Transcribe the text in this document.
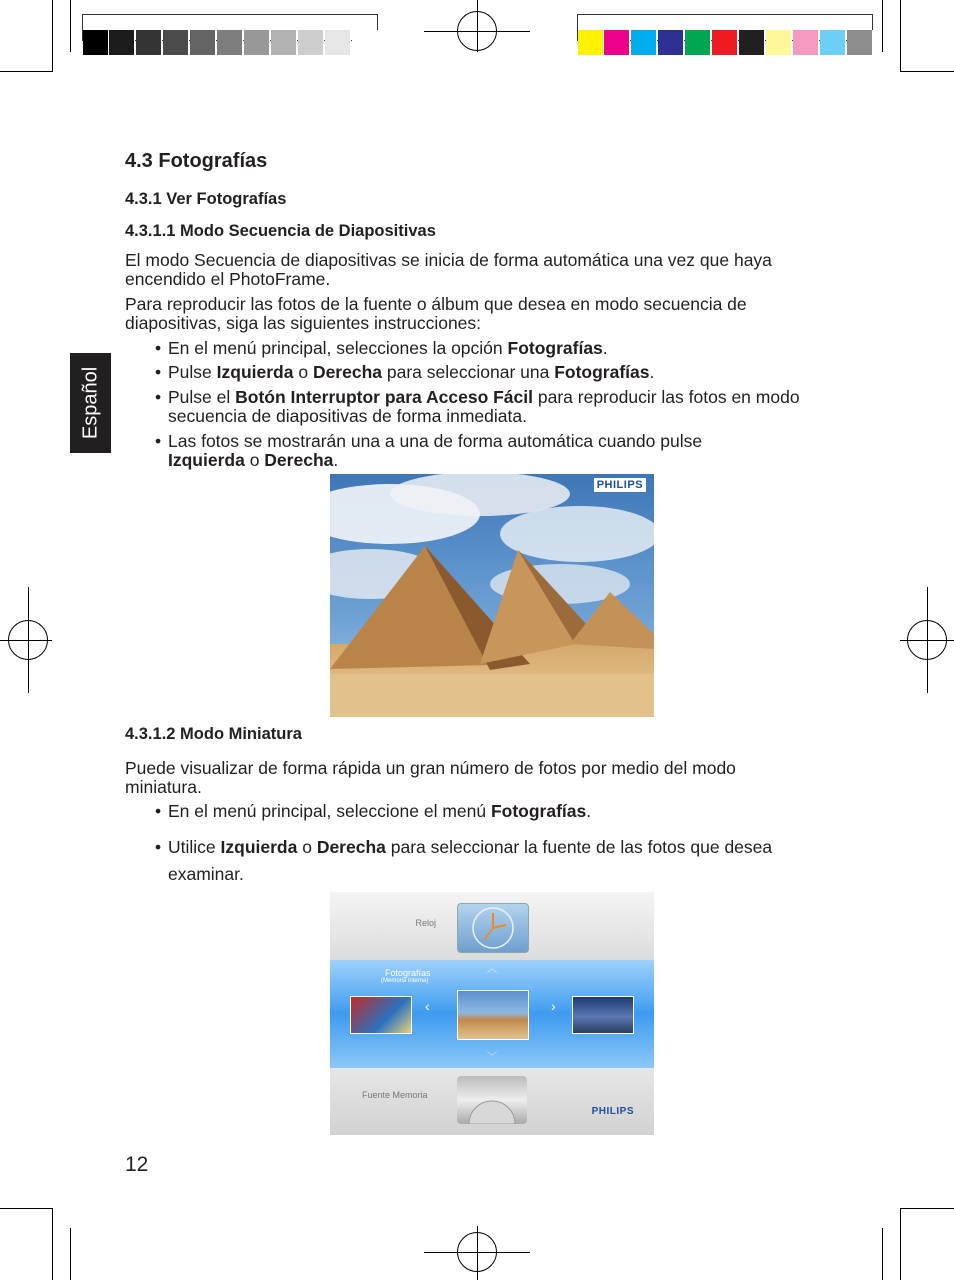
Español
4.3 Fotografías
4.3.1 Ver Fotografías
4.3.1.1 Modo Secuencia de Diapositivas

El modo Secuencia de diapositivas se inicia de forma automática una vez que haya encendido el PhotoFrame.

Para reproducir las fotos de la fuente o álbum que desea en modo secuencia de diapositivas, siga las siguientes instrucciones:

• En el menú principal, selecciones la opción Fotografías.
• Pulse Izquierda o Derecha para seleccionar una Fotografías.
• Pulse el Botón Interruptor para Acceso Fácil para reproducir las fotos en modo secuencia de diapositivas de forma inmediata.
• Las fotos se mostrarán una a una de forma automática cuando pulse Izquierda o Derecha.
PHILIPS
4.3.1.2 Modo Miniatura

Puede visualizar de forma rápida un gran número de fotos por medio del modo miniatura.

• En el menú principal, seleccione el menú Fotografías.
• Utilice Izquierda o Derecha para seleccionar la fuente de las fotos que desea examinar.
Reloj
︿
Fotografías
(Memoria interna)
‹	›
﹀
Fuente Memoria
PHILIPS
12
